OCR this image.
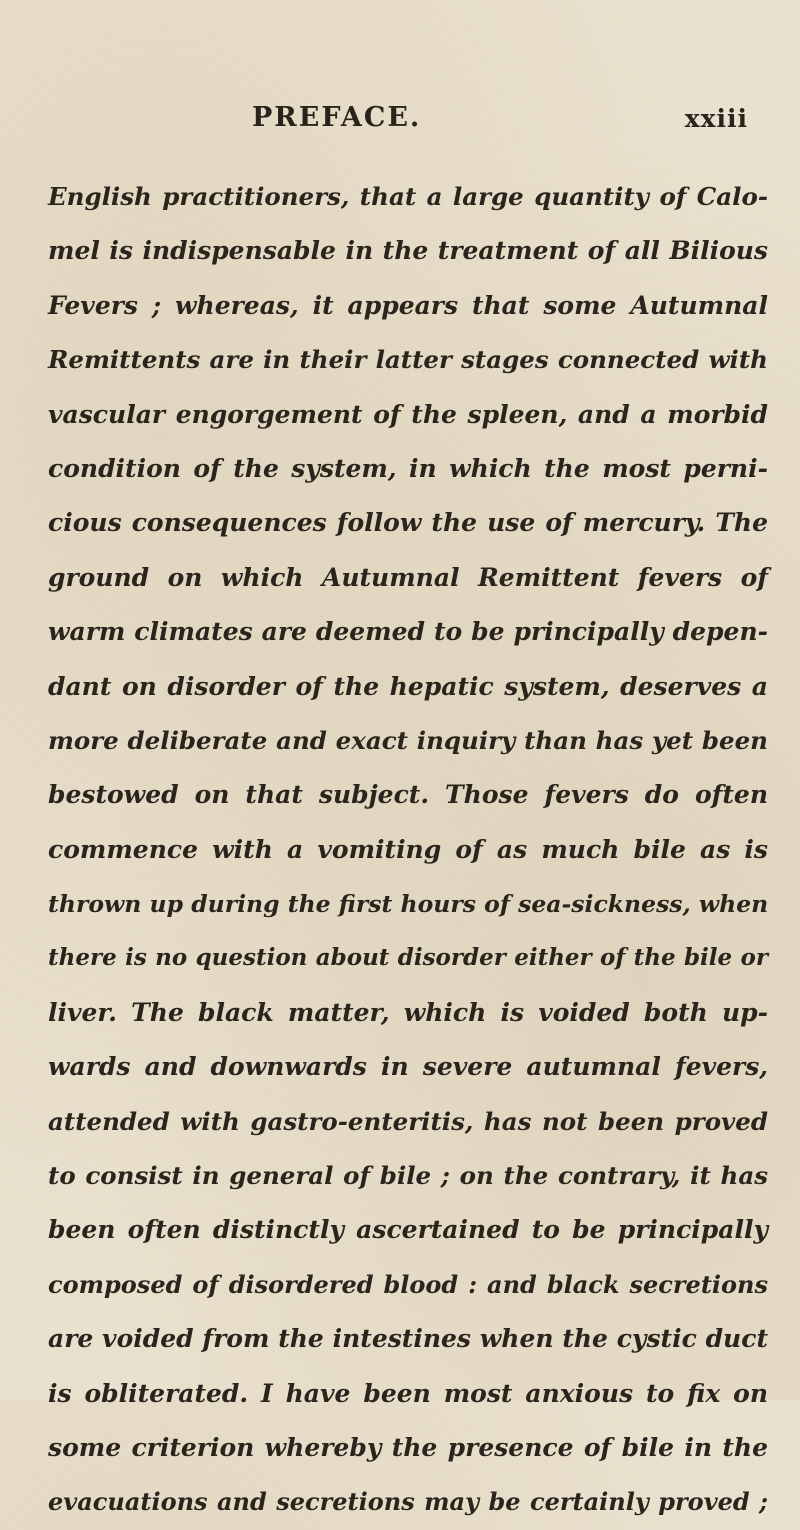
PREFACE.	xxiii
English practitioners, that a large quantity of Calo-
mel is indispensable in the treatment of all Bilious
Fevers ; whereas, it appears that some Autumnal
Remittents are in their latter stages connected with
vascular engorgement of the spleen, and a morbid
condition of the system, in which the most perni-
cious consequences follow the use of mercury. The
ground on which Autumnal Remittent fevers of
warm climates are deemed to be principally depen-
dant on disorder of the hepatic system, deserves a
more deliberate and exact inquiry than has yet been
bestowed on that subject. Those fevers do often
commence with a vomiting of as much bile as is
thrown up during the first hours of sea-sickness, when
there is no question about disorder either of the bile or
liver. The black matter, which is voided both up-
wards and downwards in severe autumnal fevers,
attended with gastro-enteritis, has not been proved
to consist in general of bile ; on the contrary, it has
been often distinctly ascertained to be principally
composed of disordered blood : and black secretions
are voided from the intestines when the cystic duct
is obliterated. I have been most anxious to fix on
some criterion whereby the presence of bile in the
evacuations and secretions may be certainly proved ;
